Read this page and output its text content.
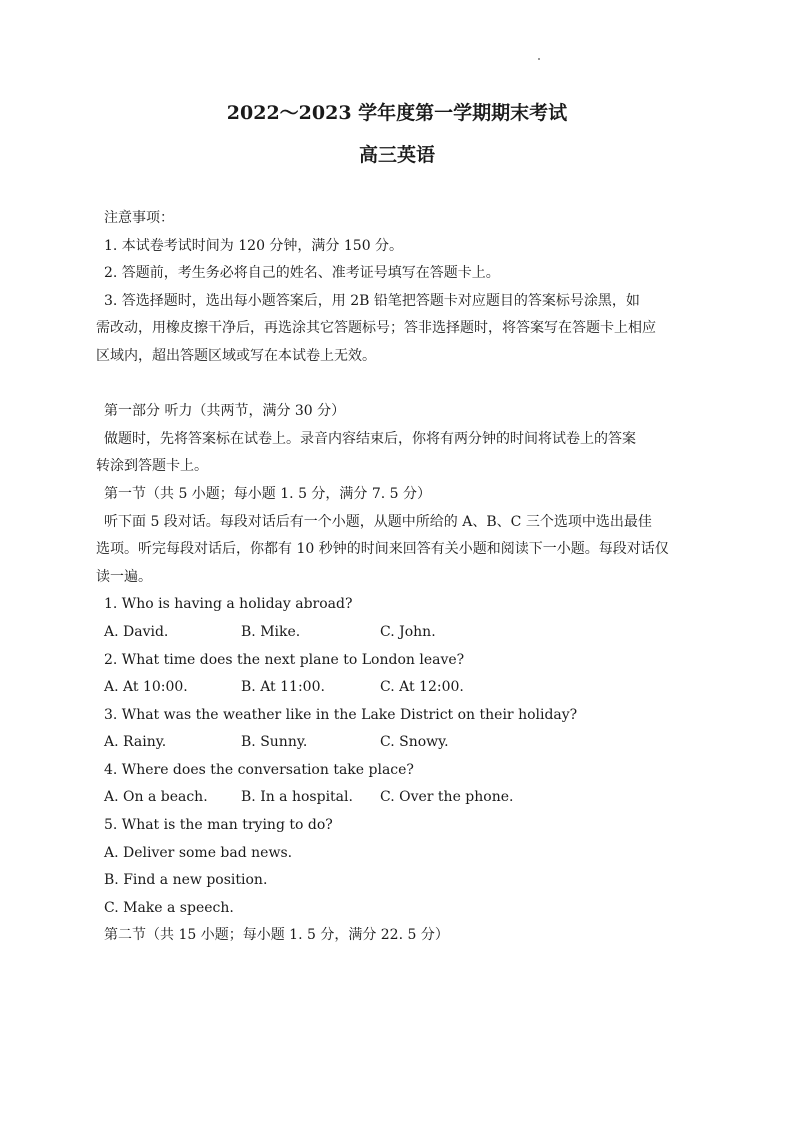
2022～2023 学年度第一学期期末考试
高三英语
注意事项：
1. 本试卷考试时间为 120 分钟，满分 150 分。
2. 答题前，考生务必将自己的姓名、准考证号填写在答题卡上。
3. 答选择题时，选出每小题答案后，用 2B 铅笔把答题卡对应题目的答案标号涂黑，如
需改动，用橡皮擦干净后，再选涂其它答题标号；答非选择题时，将答案写在答题卡上相应
区域内，超出答题区域或写在本试卷上无效。
第一部分 听力（共两节，满分 30 分）
做题时，先将答案标在试卷上。录音内容结束后，你将有两分钟的时间将试卷上的答案
转涂到答题卡上。
第一节（共 5 小题；每小题 1. 5 分，满分 7. 5 分）
听下面 5 段对话。每段对话后有一个小题，从题中所给的 A、B、C 三个选项中选出最佳
选项。听完每段对话后，你都有 10 秒钟的时间来回答有关小题和阅读下一小题。每段对话仅
读一遍。
1. Who is having a holiday abroad?
A. David.	B. Mike.	C. John.
2. What time does the next plane to London leave?
A. At 10:00.	B. At 11:00.	C. At 12:00.
3. What was the weather like in the Lake District on their holiday?
A. Rainy.	B. Sunny.	C. Snowy.
4. Where does the conversation take place?
A. On a beach. B. In a hospital. C. Over the phone.
5. What is the man trying to do?
A. Deliver some bad news.
B. Find a new position.
C. Make a speech.
第二节（共 15 小题；每小题 1. 5 分，满分 22. 5 分）
